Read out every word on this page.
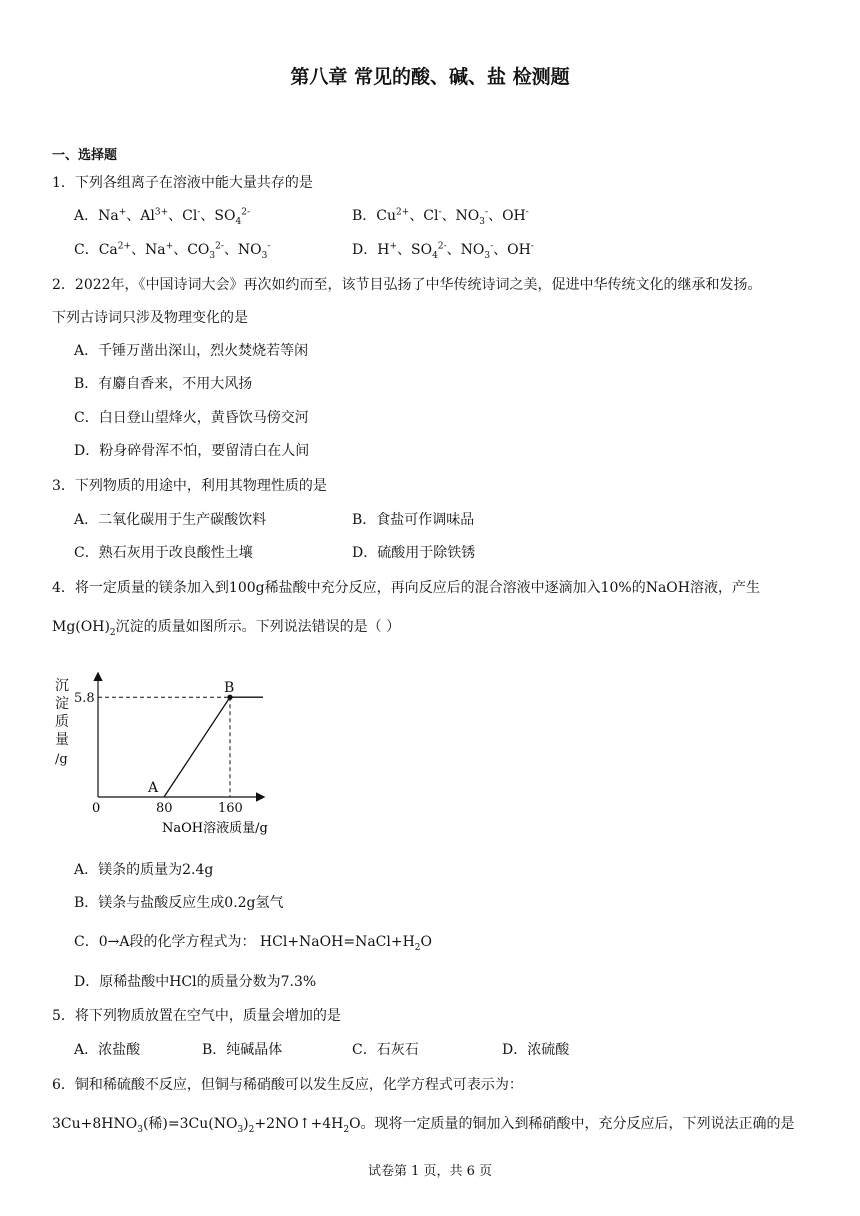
第八章 常见的酸、碱、盐 检测题
一、选择题
1．下列各组离子在溶液中能大量共存的是
A．Na+、$Al^{3+}$、Cl-、$SO_4^{2-}$	B．$Cu^{2+}$、Cl-、$NO_3^-$、OH-
C．$Ca^{2+}$、Na+、$CO_3^{2-}$、$NO_3^-$	D．H+、$SO_4^{2-}$、$NO_3^-$、OH-
2．2022年，《中国诗词大会》再次如约而至，该节目弘扬了中华传统诗词之美，促进中华传统文化的继承和发扬。
下列古诗词只涉及物理变化的是
A．千锤万凿出深山，烈火焚烧若等闲
B．有麝自香来，不用大风扬
C．白日登山望烽火，黄昏饮马傍交河
D．粉身碎骨浑不怕，要留清白在人间
3．下列物质的用途中，利用其物理性质的是
A．二氧化碳用于生产碳酸饮料	B．食盐可作调味品
C．熟石灰用于改良酸性土壤	D．硫酸用于除铁锈
4．将一定质量的镁条加入到100g稀盐酸中充分反应，再向反应后的混合溶液中逐滴加入10%的NaOH溶液，产生
$Mg(OH)_2$沉淀的质量如图所示。下列说法错误的是（ ）
沉
淀
质
量
/g
A
B
5.8
80	160
0
NaOH溶液质量/g
A．镁条的质量为2.4g
B．镁条与盐酸反应生成0.2g氢气
C．0→A段的化学方程式为： $HCl+NaOH=NaCl+H_2O$
D．原稀盐酸中HCl的质量分数为7.3%
5．将下列物质放置在空气中，质量会增加的是
A．浓盐酸	B．纯碱晶体	C．石灰石	D．浓硫酸
6．铜和稀硫酸不反应，但铜与稀硝酸可以发生反应，化学方程式可表示为：
$3Cu+8HNO_3$(稀)$=3Cu(NO_3)_2+2NO↑+4H_2O$。现将一定质量的铜加入到稀硝酸中，充分反应后，下列说法正确的是
试卷第 1 页，共 6 页
